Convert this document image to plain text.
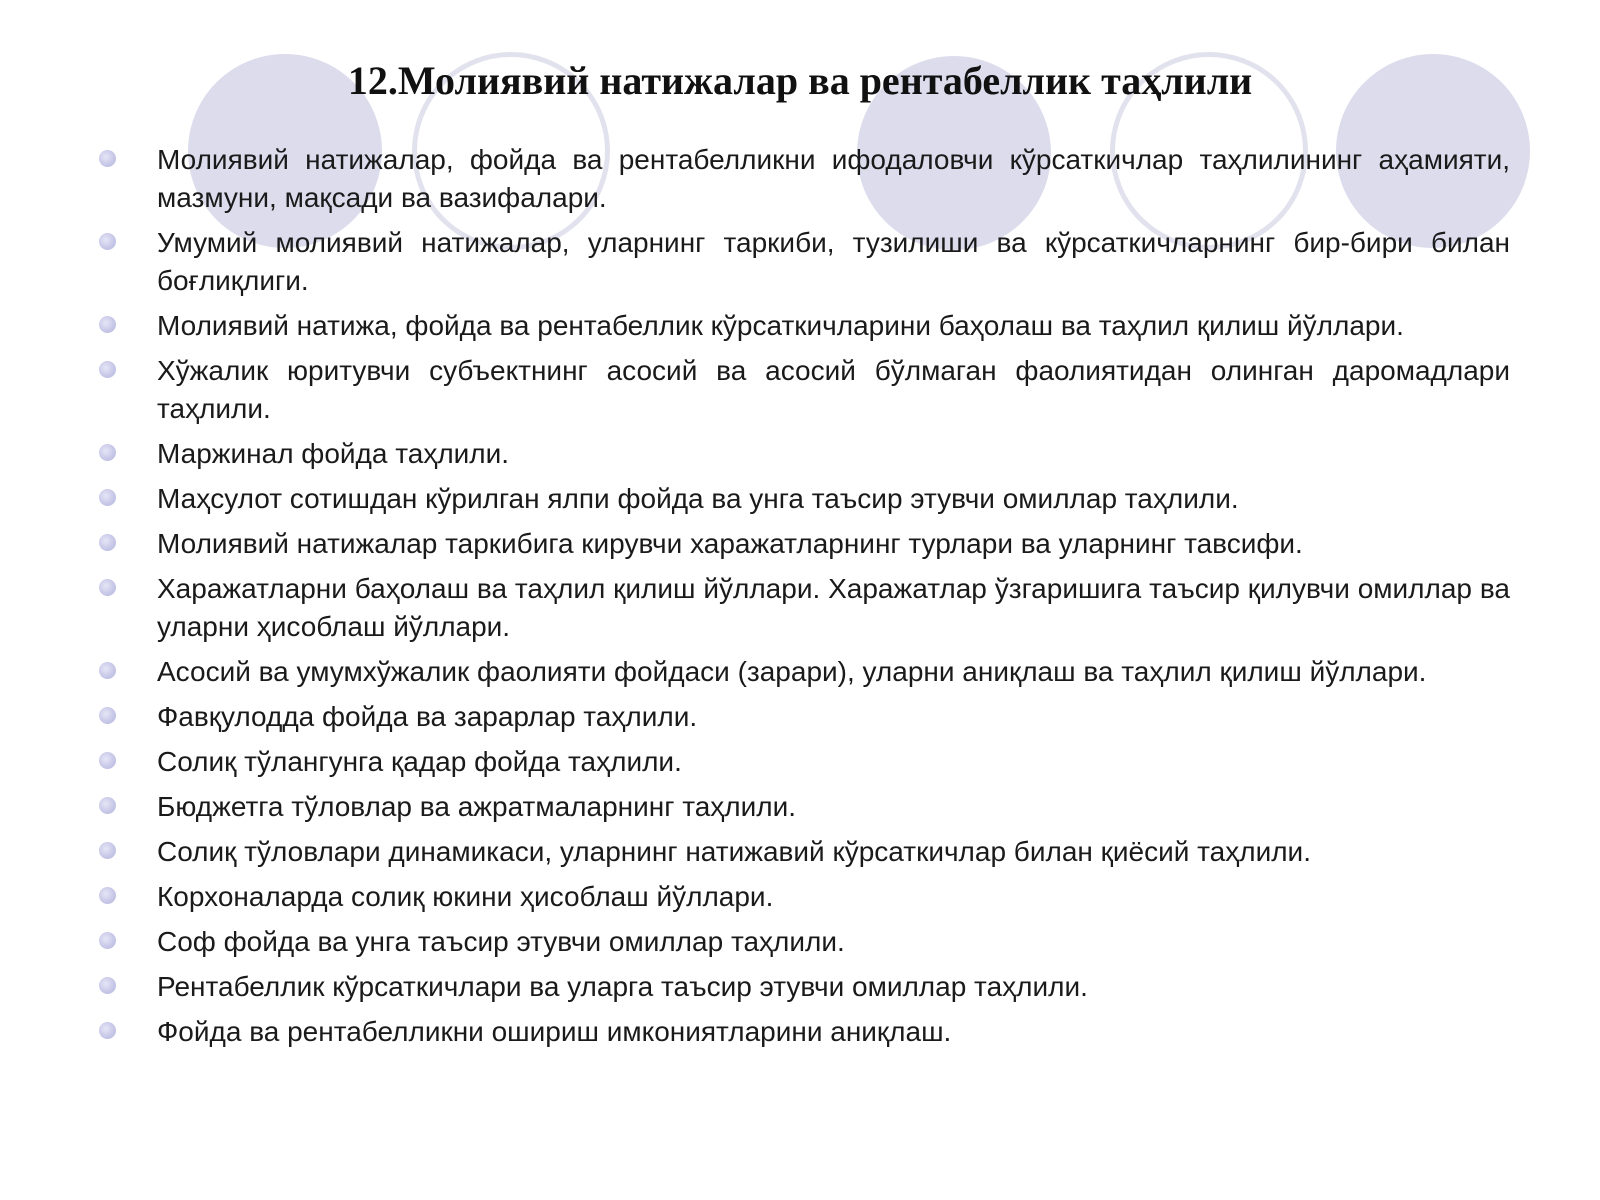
12.Молиявий натижалар ва рентабеллик таҳлили
Молиявий натижалар, фойда ва рентабелликни ифодаловчи кўрсаткичлар таҳлилининг аҳамияти, мазмуни, мақсади ва вазифалари.
Умумий молиявий натижалар, уларнинг таркиби, тузилиши ва кўрсаткичларнинг бир-бири билан боғлиқлиги.
Молиявий натижа, фойда ва рентабеллик кўрсаткичларини баҳолаш ва таҳлил қилиш йўллари.
Хўжалик юритувчи субъектнинг асосий ва асосий бўлмаган фаолиятидан олинган даромадлари таҳлили.
Маржинал фойда таҳлили.
Маҳсулот сотишдан кўрилган ялпи фойда ва унга таъсир этувчи омиллар таҳлили.
Молиявий натижалар таркибига кирувчи харажатларнинг турлари ва уларнинг тавсифи.
Харажатларни баҳолаш ва таҳлил қилиш йўллари. Харажатлар ўзгаришига таъсир қилувчи омиллар ва уларни ҳисоблаш йўллари.
Асосий ва умумхўжалик фаолияти фойдаси (зарари), уларни аниқлаш ва таҳлил қилиш йўллари.
Фавқулодда фойда ва зарарлар таҳлили.
Солиқ тўлангунга қадар фойда таҳлили.
Бюджетга тўловлар ва ажратмаларнинг таҳлили.
Солиқ тўловлари динамикаси, уларнинг натижавий кўрсаткичлар билан қиёсий таҳлили.
Корхоналарда солиқ юкини ҳисоблаш йўллари.
Соф фойда ва унга таъсир этувчи омиллар таҳлили.
Рентабеллик кўрсаткичлари ва уларга таъсир этувчи омиллар таҳлили.
Фойда ва рентабелликни ошириш имкониятларини аниқлаш.
